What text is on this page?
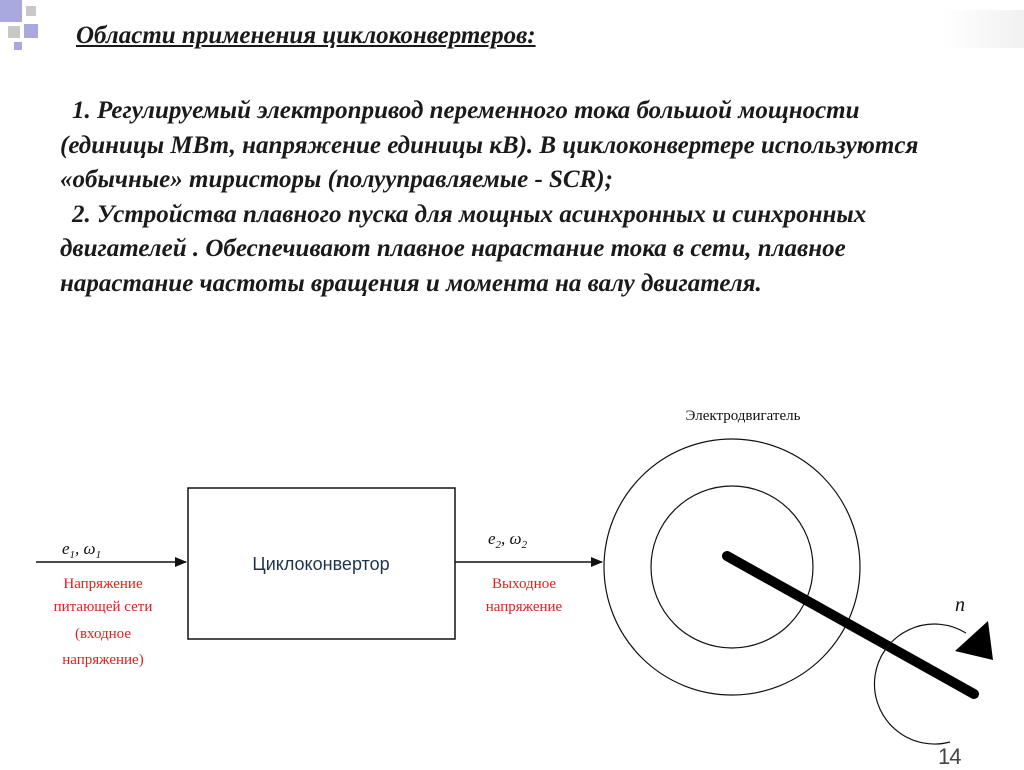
Области применения циклоконвертеров:

1. Регулируемый электропривод переменного тока большой мощности (единицы МВт, напряжение единицы кВ). В циклоконвертере используются «обычные» тиристоры (полууправляемые - SCR);

2. Устройства плавного пуска для мощных асинхронных и синхронных двигателей . Обеспечивают плавное нарастание тока в сети, плавное нарастание частоты вращения и момента на валу двигателя.

$e_1$, $\omega_1$
Напряжение
питающей сети
(входное
напряжение)
Циклоконвертор
$e_2$, $\omega_2$
Выходное
напряжение
Электродвигатель
n
14
